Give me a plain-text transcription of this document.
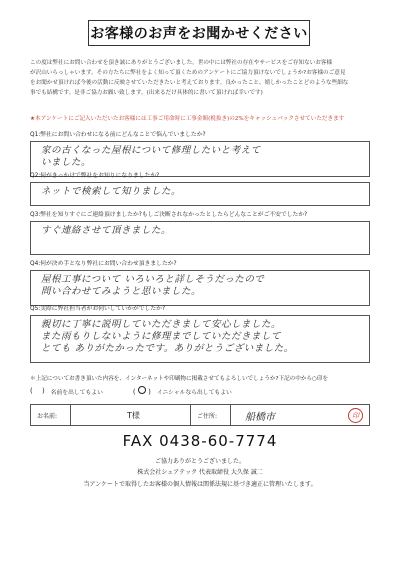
お客様のお声をお聞かせください

この度は弊社にお問い合わせを頂き誠にありがとうございました。世の中には弊社の存在やサービスをご存知ないお客様

が沢山いらっしゃいます。その方たちに弊社をよく知って頂くためのアンケートにご協力頂けないでしょうか?お客様のご意見

をお聞かせ頂ければ今後の活動に反映させていただきたいと考えております。良かったこと、嬉しかったことどのような些細な

事でも結構です。是非ご協力お願い致します。(出来るだけ具体的に書いて頂ければ幸いです)

★本アンケートにご記入いただいたお客様には工事ご用命時に工事金額(税抜き)の2%をキャッシュバックさせていただきます
Q1:弊社にお問い合わせになる前にどんなことで悩んでいましたか?
家の古くなった屋根について修理したいと考えて
いました。
Q2:何がきっかけで弊社をお知りになりましたか?
ネットで検索して知りました。
Q3:弊社を知りすぐにご連絡頂けましたか?もしご決断されなかったとしたらどんなことがご不安でしたか?
すぐ連絡させて頂きました。
Q4:何が決め手となり弊社にお問い合わせ頂きましたか?
屋根工事について いろいろと詳しそうだったので
問い合わせてみようと思いました。
Q5:実際に弊社担当者がお伺いしていかがでしたか?
親切に丁寧に説明していただきまして安心しました。
また雨もりしないように修理までしていただきまして
とても ありがたかったです。ありがとうございました。
＊上記についてお書き頂いた内容を、インターネットや印刷物に掲載させてもよろしいでしょうか?下記の中から○印を
(　 ) 名前を出してもよい	(  ) イニシャルなら出してもよい
お名前:	T様	ご住所:	船橋市	印
FAX 0438-60-7774
ご協力ありがとうございました。
株式会社シェアテック 代表取締役 大久保 誠二
当アンケートで取得したお客様の個人情報は関係法規に基づき適正に管理いたします。
